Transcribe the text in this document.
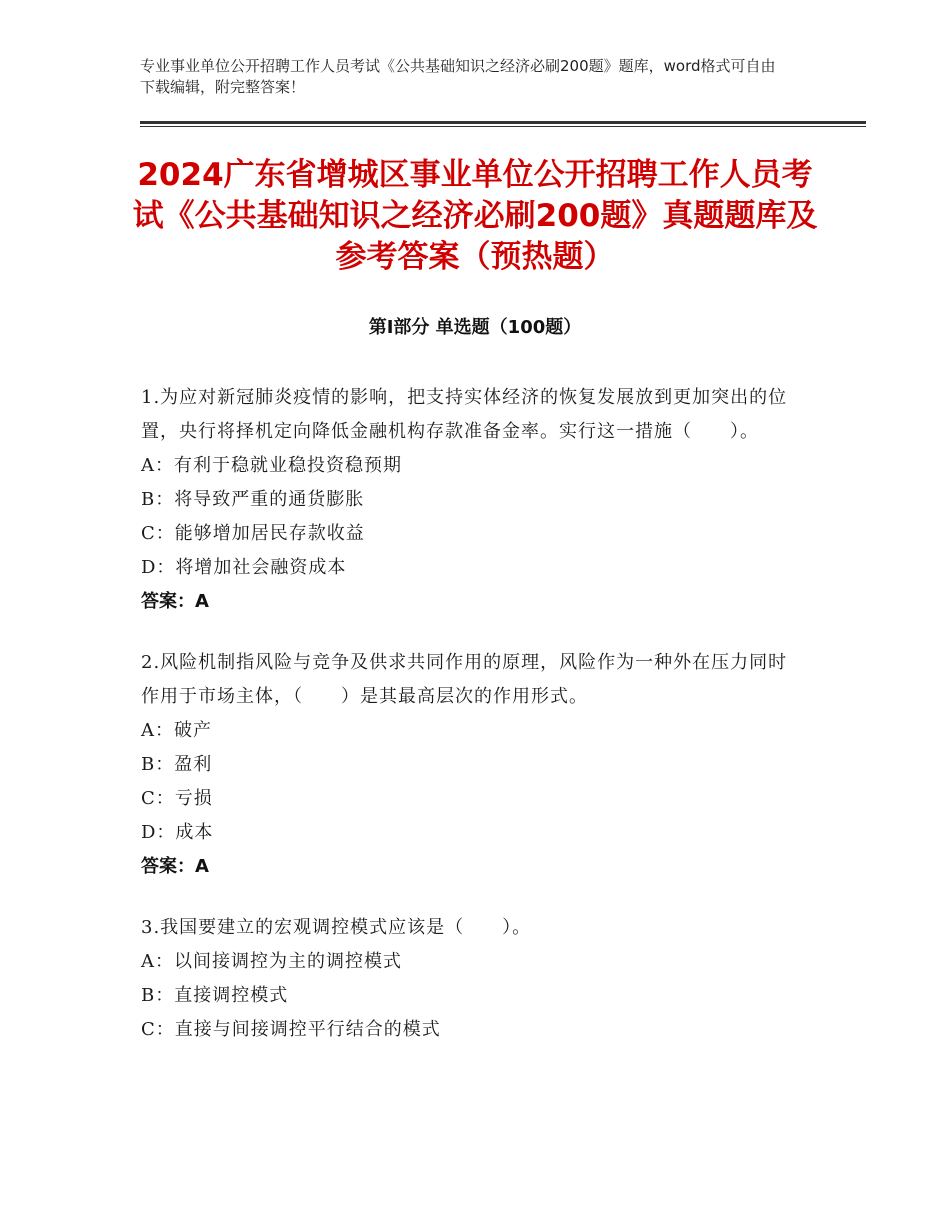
专业事业单位公开招聘工作人员考试《公共基础知识之经济必刷200题》题库，word格式可自由下载编辑，附完整答案！
2024广东省增城区事业单位公开招聘工作人员考试《公共基础知识之经济必刷200题》真题题库及参考答案（预热题）
第Ⅰ部分 单选题（100题）
1.为应对新冠肺炎疫情的影响，把支持实体经济的恢复发展放到更加突出的位置，央行将择机定向降低金融机构存款准备金率。实行这一措施（　　）。
A：有利于稳就业稳投资稳预期
B：将导致严重的通货膨胀
C：能够增加居民存款收益
D：将增加社会融资成本
答案：A
2.风险机制指风险与竞争及供求共同作用的原理，风险作为一种外在压力同时作用于市场主体，（　　）是其最高层次的作用形式。
A：破产
B：盈利
C：亏损
D：成本
答案：A
3.我国要建立的宏观调控模式应该是（　　）。
A：以间接调控为主的调控模式
B：直接调控模式
C：直接与间接调控平行结合的模式
